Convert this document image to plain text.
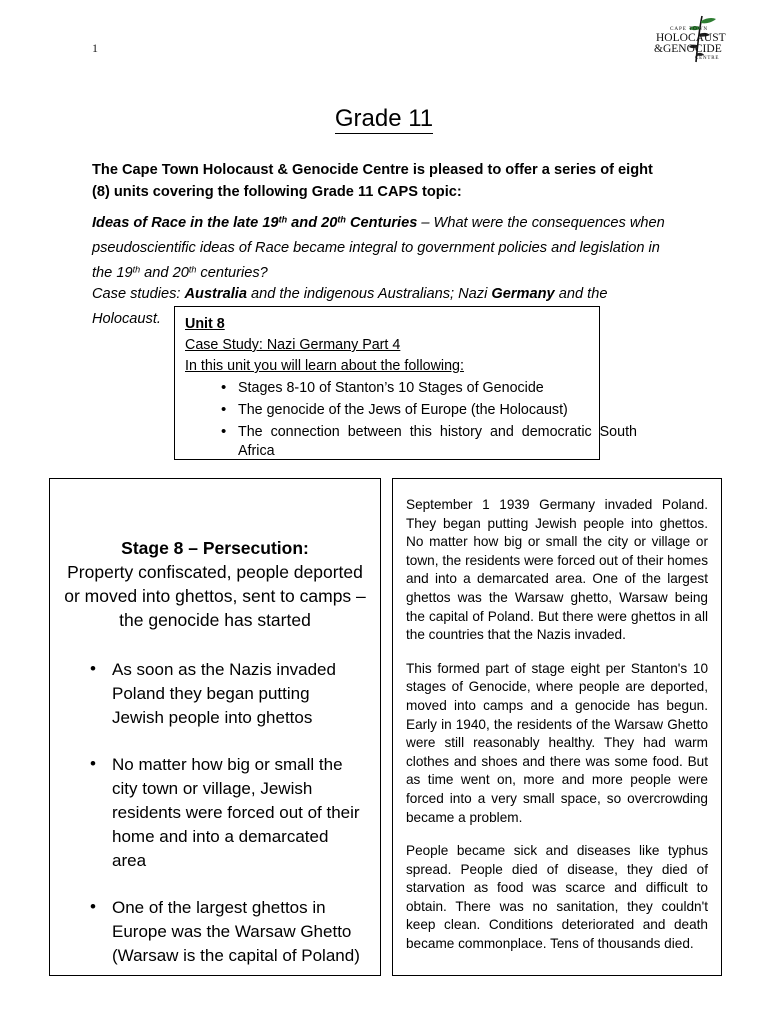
1
CAPE TOWN
HOLOCAUST
&GENOCIDE
CENTRE
Grade 11

The Cape Town Holocaust & Genocide Centre is pleased to offer a series of eight (8) units covering the following Grade 11 CAPS topic:

Ideas of Race in the late 19th and 20th Centuries – What were the consequences when pseudoscientific ideas of Race became integral to government policies and legislation in the 19th and 20th centuries?

Case studies: Australia and the indigenous Australians; Nazi Germany and the Holocaust.	Unit 8
Case Study: Nazi Germany Part 4
In this unit you will learn about the following:
• Stages 8-10 of Stanton’s 10 Stages of Genocide
• The genocide of the Jews of Europe (the Holocaust)
• The connection between this history and democratic South Africa
Stage 8 – Persecution:
Property confiscated, people deported or moved into ghettos, sent to camps – the genocide has started
• As soon as the Nazis invaded Poland they began putting Jewish people into ghettos
• No matter how big or small the city town or village, Jewish residents were forced out of their home and into a demarcated area
• One of the largest ghettos in Europe was the Warsaw Ghetto (Warsaw is the capital of Poland)

September 1 1939 Germany invaded Poland. They began putting Jewish people into ghettos. No matter how big or small the city or village or town, the residents were forced out of their homes and into a demarcated area. One of the largest ghettos was the Warsaw ghetto, Warsaw being the capital of Poland. But there were ghettos in all the countries that the Nazis invaded.

This formed part of stage eight per Stanton's 10 stages of Genocide, where people are deported, moved into camps and a genocide has begun. Early in 1940, the residents of the Warsaw Ghetto were still reasonably healthy. They had warm clothes and shoes and there was some food. But as time went on, more and more people were forced into a very small space, so overcrowding became a problem.

People became sick and diseases like typhus spread. People died of disease, they died of starvation as food was scarce and difficult to obtain. There was no sanitation, they couldn't keep clean. Conditions deteriorated and death became commonplace. Tens of thousands died.
